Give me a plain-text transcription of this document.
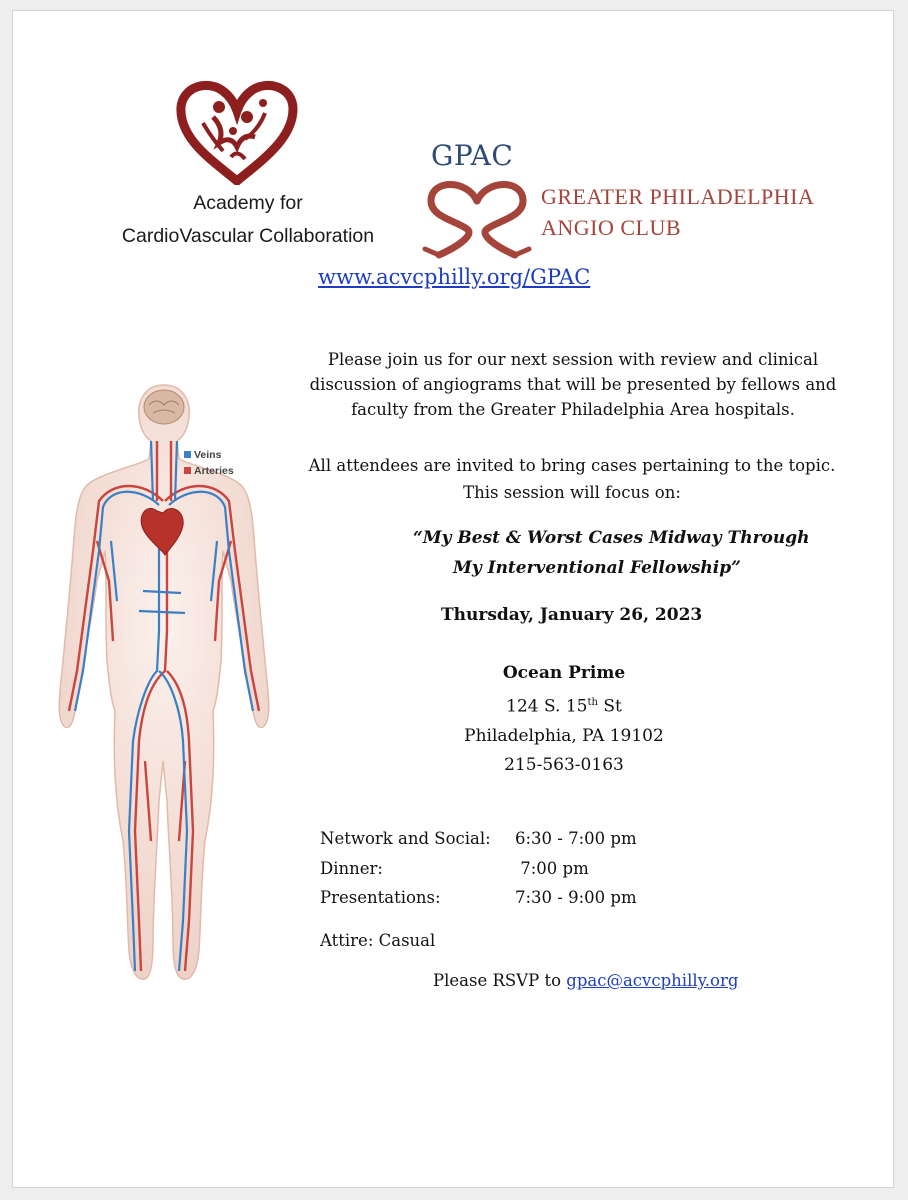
Academy for
CardioVascular Collaboration
GPAC
GREATER PHILADELPHIA
ANGIO CLUB
www.acvcphilly.org/GPAC
Veins
Arteries
Please join us for our next session with review and clinical
discussion of angiograms that will be presented by fellows and
faculty from the Greater Philadelphia Area hospitals.
All attendees are invited to bring cases pertaining to the topic.
This session will focus on:
“My Best & Worst Cases Midway Through
My Interventional Fellowship”
Thursday, January 26, 2023
Ocean Prime
124 S. 15th St
Philadelphia, PA 19102
215-563-0163
Network and Social:	6:30 - 7:00 pm
Dinner:	7:00 pm
Presentations:	7:30 - 9:00 pm
Attire: Casual
Please RSVP to gpac@acvcphilly.org
